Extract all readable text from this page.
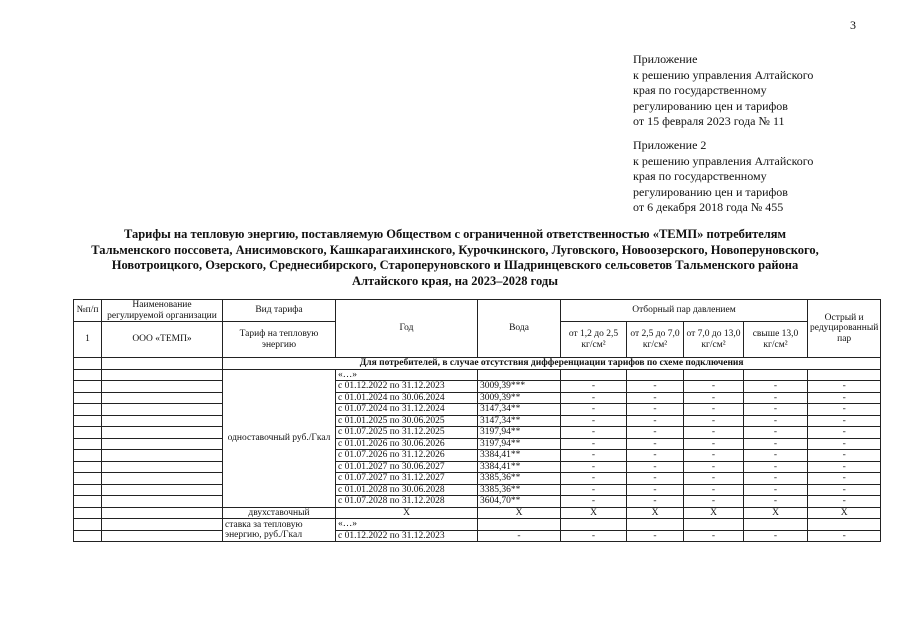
3
Приложение
к решению управления Алтайского
края по государственному
регулированию цен и тарифов
от 15 февраля 2023 года № 11
Приложение 2
к решению управления Алтайского
края по государственному
регулированию цен и тарифов
от 6 декабря 2018 года № 455
Тарифы на тепловую энергию, поставляемую Обществом с ограниченной ответственностью «ТЕМП» потребителям
Тальменского поссовета, Анисимовского, Кашкарагаихинского, Курочкинского, Луговского, Новоозерского, Новоперуновского,
Новотроицкого, Озерского, Среднесибирского, Староперуновского и Шадринцевского сельсоветов Тальменского района
Алтайского края, на 2023–2028 годы
№п/п	Наименование регулируемой организации	Вид тарифа	Год	Вода	Отборный пар давлением				Острый и редуцированный пар
1	ООО «ТЕМП»	Тариф на тепловую энергию			от 1,2 до 2,5 кг/см²	от 2,5 до 7,0 кг/см²	от 7,0 до 13,0 кг/см²	свыше 13,0 кг/см²	
		Для потребителей, в случае отсутствия дифференциации тарифов по схеме подключения							
		одноставочный руб./Гкал	«…»						
			с 01.12.2022 по 31.12.2023	3009,39***	-	-	-	-	-
			с 01.01.2024 по 30.06.2024	3009,39**	-	-	-	-	-
			с 01.07.2024 по 31.12.2024	3147,34**	-	-	-	-	-
			с 01.01.2025 по 30.06.2025	3147,34**	-	-	-	-	-
			с 01.07.2025 по 31.12.2025	3197,94**	-	-	-	-	-
			с 01.01.2026 по 30.06.2026	3197,94**	-	-	-	-	-
			с 01.07.2026 по 31.12.2026	3384,41**	-	-	-	-	-
			с 01.01.2027 по 30.06.2027	3384,41**	-	-	-	-	-
			с 01.07.2027 по 31.12.2027	3385,36**	-	-	-	-	-
			с 01.01.2028 по 30.06.2028	3385,36**	-	-	-	-	-
			с 01.07.2028 по 31.12.2028	3604,70**	-	-	-	-	-
		двухставочный	X	X	X	X	X	X	X
		ставка за тепловую энергию, руб./Гкал	«…»						
			с 01.12.2022 по 31.12.2023	-	-	-	-	-	-
